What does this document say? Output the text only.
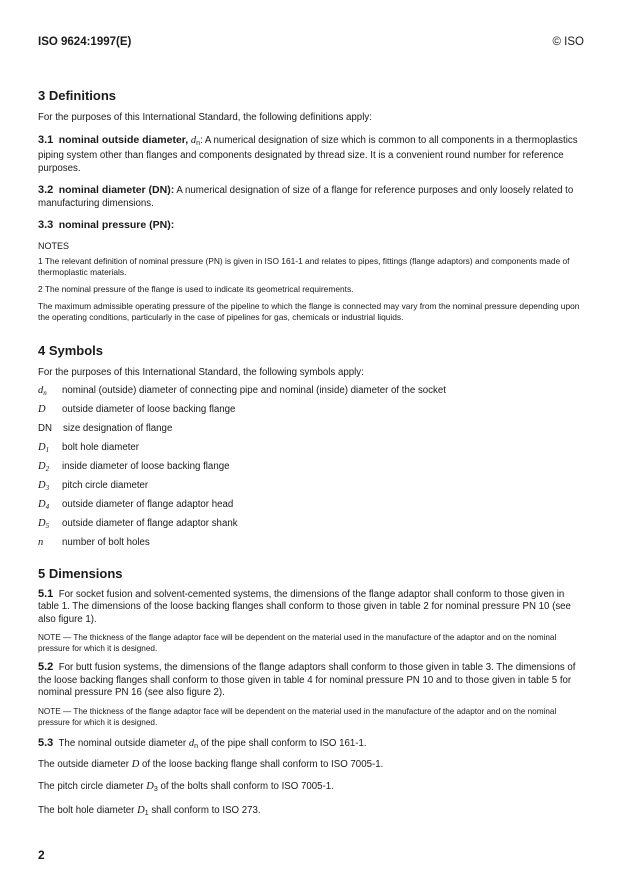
ISO 9624:1997(E)	© ISO
3 Definitions

For the purposes of this International Standard, the following definitions apply:

3.1 nominal outside diameter, $d_n$: A numerical designation of size which is common to all components in a thermoplastics piping system other than flanges and components designated by thread size. It is a convenient round number for reference purposes.

3.2 nominal diameter (DN): A numerical designation of size of a flange for reference purposes and only loosely related to manufacturing dimensions.

3.3 nominal pressure (PN):

NOTES

1 The relevant definition of nominal pressure (PN) is given in ISO 161-1 and relates to pipes, fittings (flange adaptors) and components made of thermoplastic materials.

2 The nominal pressure of the flange is used to indicate its geometrical requirements.

The maximum admissible operating pressure of the pipeline to which the flange is connected may vary from the nominal pressure depending upon the operating conditions, particularly in the case of pipelines for gas, chemicals or industrial liquids.

4 Symbols

For the purposes of this International Standard, the following symbols apply:

$d_n$	nominal (outside) diameter of connecting pipe and nominal (inside) diameter of the socket
D	outside diameter of loose backing flange
DN	size designation of flange
$D_1$	bolt hole diameter
$D_2$	inside diameter of loose backing flange
$D_3$	pitch circle diameter
$D_4$	outside diameter of flange adaptor head
$D_5$	outside diameter of flange adaptor shank
n	number of bolt holes
5 Dimensions

5.1 For socket fusion and solvent-cemented systems, the dimensions of the flange adaptor shall conform to those given in table 1. The dimensions of the loose backing flanges shall conform to those given in table 2 for nominal pressure PN 10 (see also figure 1).

NOTE — The thickness of the flange adaptor face will be dependent on the material used in the manufacture of the adaptor and on the nominal pressure for which it is designed.

5.2 For butt fusion systems, the dimensions of the flange adaptors shall conform to those given in table 3. The dimensions of the loose backing flanges shall conform to those given in table 4 for nominal pressure PN 10 and to those given in table 5 for nominal pressure PN 16 (see also figure 2).

NOTE — The thickness of the flange adaptor face will be dependent on the material used in the manufacture of the adaptor and on the nominal pressure for which it is designed.

5.3 The nominal outside diameter $d_n$ of the pipe shall conform to ISO 161-1.

The outside diameter D of the loose backing flange shall conform to ISO 7005-1.

The pitch circle diameter $D_3$ of the bolts shall conform to ISO 7005-1.

The bolt hole diameter $D_1$ shall conform to ISO 273.

2
